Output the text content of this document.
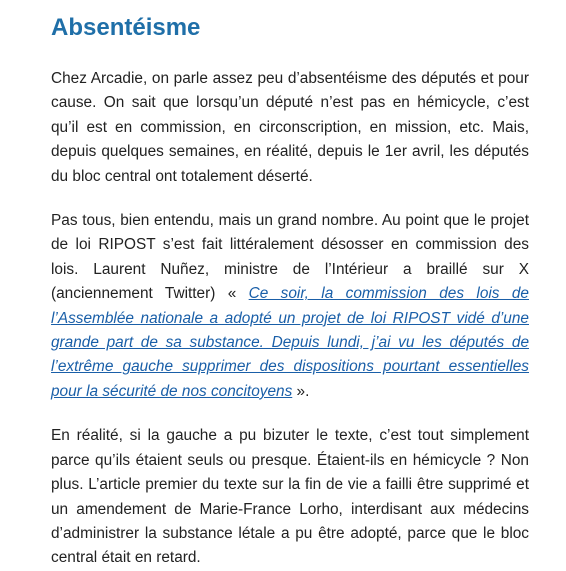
Absentéisme

Chez Arcadie, on parle assez peu d’absentéisme des députés et pour cause. On sait que lorsqu’un député n’est pas en hémicycle, c’est qu’il est en commission, en circonscription, en mission, etc. Mais, depuis quelques semaines, en réalité, depuis le 1er avril, les députés du bloc central ont totalement déserté.

Pas tous, bien entendu, mais un grand nombre. Au point que le projet de loi RIPOST s’est fait littéralement désosser en commission des lois. Laurent Nuñez, ministre de l’Intérieur a braillé sur X (anciennement Twitter) « Ce soir, la commission des lois de l’Assemblée nationale a adopté un projet de loi RIPOST vidé d’une grande part de sa substance. Depuis lundi, j’ai vu les députés de l’extrême gauche supprimer des dispositions pourtant essentielles pour la sécurité de nos concitoyens ».

En réalité, si la gauche a pu bizuter le texte, c’est tout simplement parce qu’ils étaient seuls ou presque. Étaient-ils en hémicycle ? Non plus. L’article premier du texte sur la fin de vie a failli être supprimé et un amendement de Marie-France Lorho, interdisant aux médecins d’administrer la substance létale a pu être adopté, parce que le bloc central était en retard.
